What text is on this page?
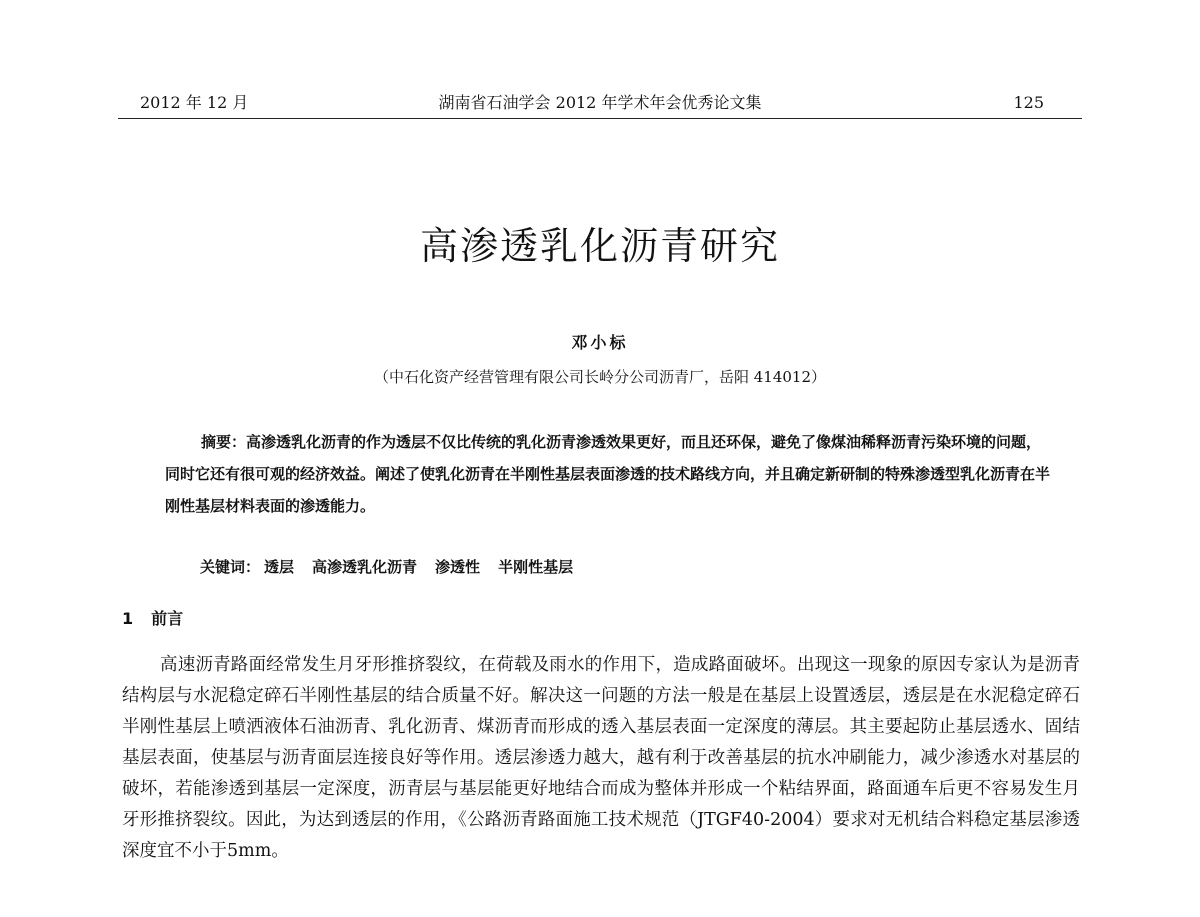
2012 年 12 月	湖南省石油学会 2012 年学术年会优秀论文集	125
高渗透乳化沥青研究
邓小标
（中石化资产经营管理有限公司长岭分公司沥青厂，岳阳 414012）
摘要：高渗透乳化沥青的作为透层不仅比传统的乳化沥青渗透效果更好，而且还环保，避免了像煤油稀释沥青污染环境的问题，同时它还有很可观的经济效益。阐述了使乳化沥青在半刚性基层表面渗透的技术路线方向，并且确定新研制的特殊渗透型乳化沥青在半刚性基层材料表面的渗透能力。
关键词： 透层 高渗透乳化沥青 渗透性 半刚性基层
1 前言
高速沥青路面经常发生月牙形推挤裂纹，在荷载及雨水的作用下，造成路面破坏。出现这一现象的原因专家认为是沥青结构层与水泥稳定碎石半刚性基层的结合质量不好。解决这一问题的方法一般是在基层上设置透层，透层是在水泥稳定碎石半刚性基层上喷洒液体石油沥青、乳化沥青、煤沥青而形成的透入基层表面一定深度的薄层。其主要起防止基层透水、固结基层表面，使基层与沥青面层连接良好等作用。透层渗透力越大，越有利于改善基层的抗水冲刷能力，减少渗透水对基层的破坏，若能渗透到基层一定深度，沥青层与基层能更好地结合而成为整体并形成一个粘结界面，路面通车后更不容易发生月牙形推挤裂纹。因此，为达到透层的作用，《公路沥青路面施工技术规范（JTGF40-2004）要求对无机结合料稳定基层渗透深度宜不小于5mm。
